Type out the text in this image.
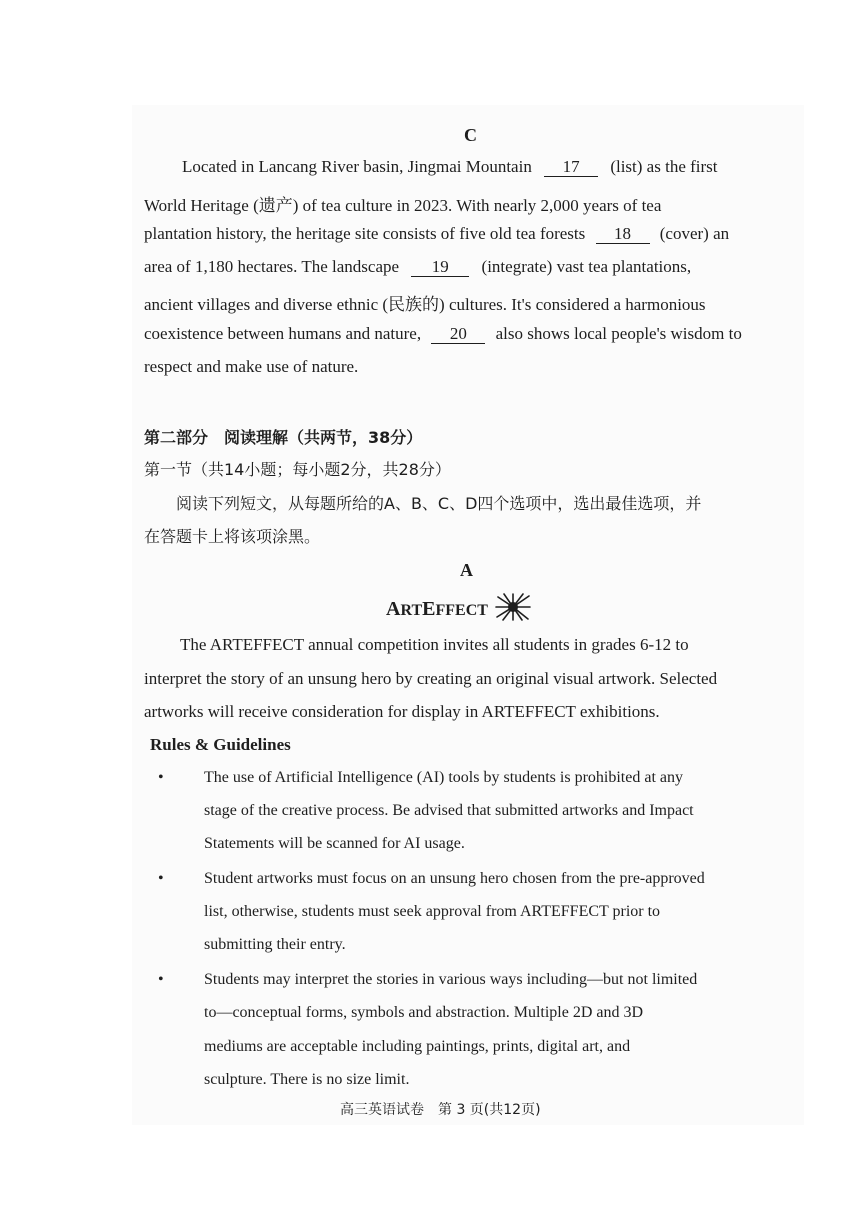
C
Located in Lancang River basin, Jingmai Mountain 17 (list) as the first
World Heritage (遗产) of tea culture in 2023. With nearly 2,000 years of tea
plantation history, the heritage site consists of five old tea forests 18 (cover) an
area of 1,180 hectares. The landscape 19 (integrate) vast tea plantations,
ancient villages and diverse ethnic (民族的) cultures. It's considered a harmonious
coexistence between humans and nature, 20 also shows local people's wisdom to
respect and make use of nature.
第二部分　阅读理解（共两节，38分）
第一节（共14小题；每小题2分，共28分）
阅读下列短文，从每题所给的A、B、C、D四个选项中，选出最佳选项，并
在答题卡上将该项涂黑。
A
ARTEFFECT
The ARTEFFECT annual competition invites all students in grades 6-12 to
interpret the story of an unsung hero by creating an original visual artwork. Selected
artworks will receive consideration for display in ARTEFFECT exhibitions.
Rules & Guidelines
•	The use of Artificial Intelligence (AI) tools by students is prohibited at any
stage of the creative process. Be advised that submitted artworks and Impact
Statements will be scanned for AI usage.
•	Student artworks must focus on an unsung hero chosen from the pre-approved
list, otherwise, students must seek approval from ARTEFFECT prior to
submitting their entry.
•	Students may interpret the stories in various ways including—but not limited
to—conceptual forms, symbols and abstraction. Multiple 2D and 3D
mediums are acceptable including paintings, prints, digital art, and
sculpture. There is no size limit.
高三英语试卷　第 3 页(共12页)
